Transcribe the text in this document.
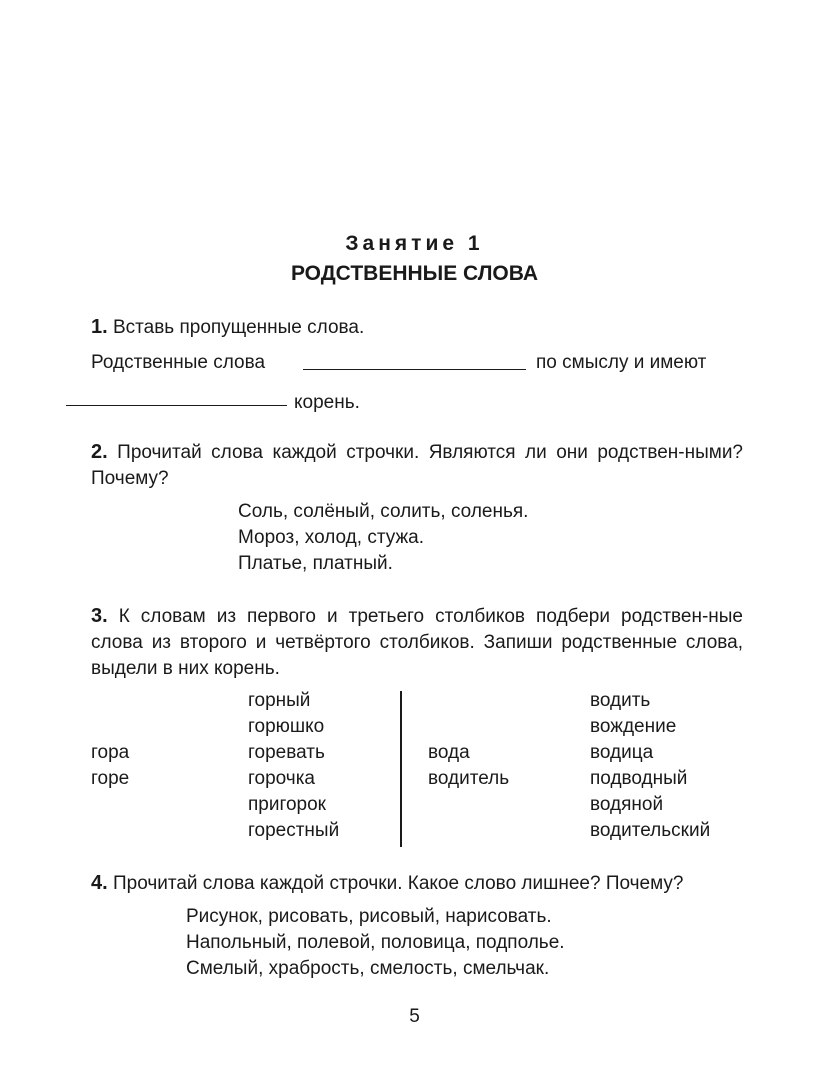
Занятие 1
РОДСТВЕННЫЕ СЛОВА
1. Вставь пропущенные слова.
Родственные слова	по смыслу и имеют
корень.
2. Прочитай слова каждой строчки. Являются ли они родствен-ными? Почему?
Соль, солёный, солить, соленья.
Мороз, холод, стужа.
Платье, платный.
3. К словам из первого и третьего столбиков подбери родствен-ные слова из второго и четвёртого столбиков. Запиши родственные слова, выдели в них корень.
гора
горе
горный
горюшко
горевать
горочка
пригорок
горестный
вода
водитель
водить
вождение
водица
подводный
водяной
водительский
4. Прочитай слова каждой строчки. Какое слово лишнее? Почему?
Рисунок, рисовать, рисовый, нарисовать.
Напольный, полевой, половица, подполье.
Смелый, храбрость, смелость, смельчак.
5
